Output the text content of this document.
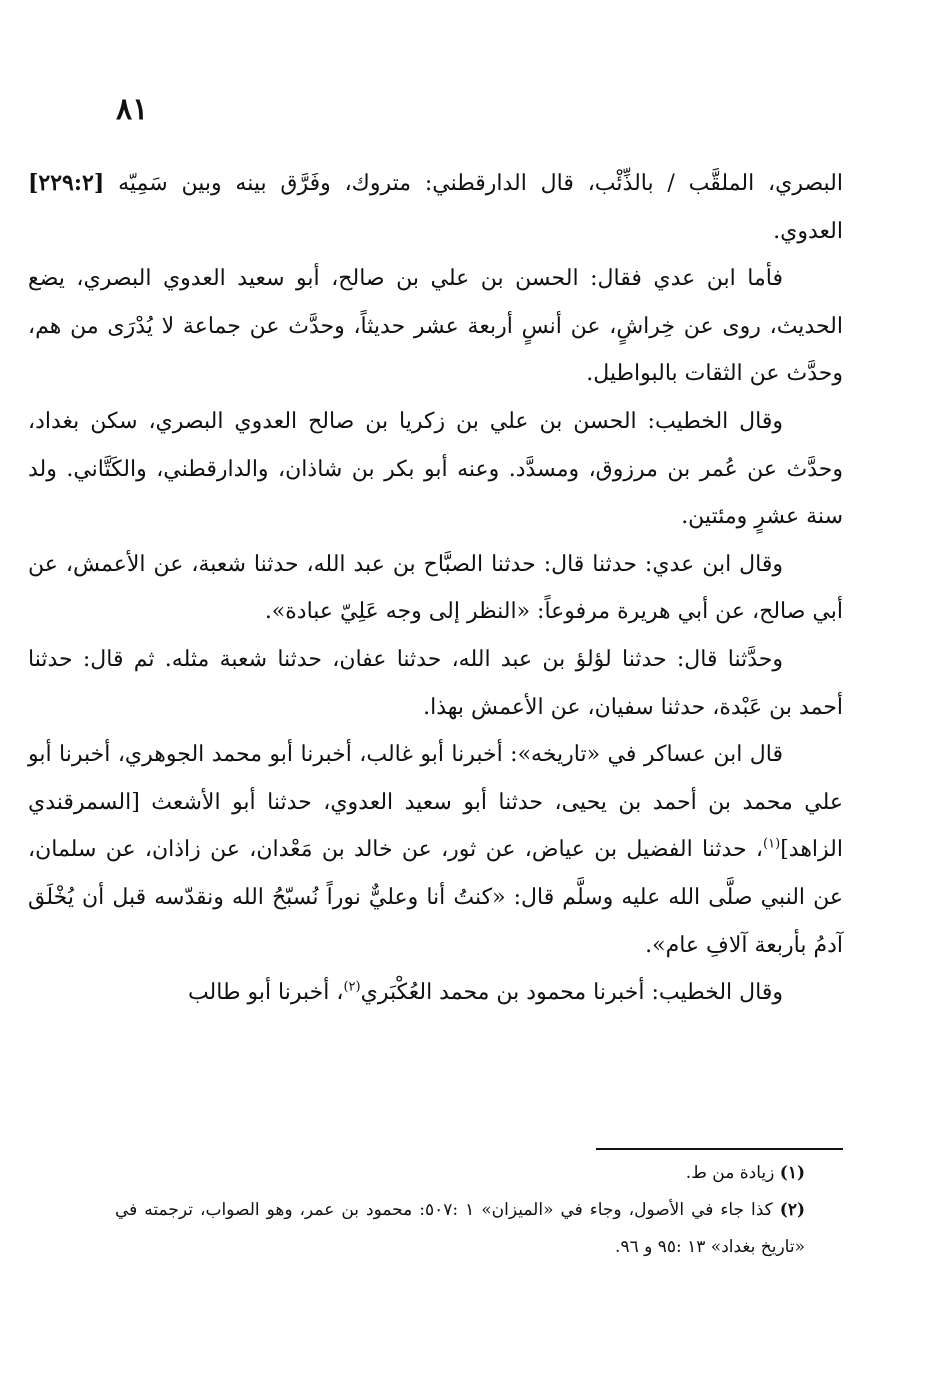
٨١

البصري، الملقَّب / بالذِّئْب، قال الدارقطني: متروك، وفَرَّق بينه وبين سَمِيّه [٢٢٩:٢] العدوي.

فأما ابن عدي فقال: الحسن بن علي بن صالح، أبو سعيد العدوي البصري، يضع الحديث، روى عن خِراشٍ، عن أنسٍ أربعة عشر حديثاً، وحدَّث عن جماعة لا يُدْرَى من هم، وحدَّث عن الثقات بالبواطيل.

وقال الخطيب: الحسن بن علي بن زكريا بن صالح العدوي البصري، سكن بغداد، وحدَّث عن عُمر بن مرزوق، ومسدَّد. وعنه أبو بكر بن شاذان، والدارقطني، والكَتَّاني. ولد سنة عشرٍ ومئتين.

وقال ابن عدي: حدثنا قال: حدثنا الصبَّاح بن عبد الله، حدثنا شعبة، عن الأعمش، عن أبي صالح، عن أبي هريرة مرفوعاً: «النظر إلى وجه عَلِيّ عبادة».

وحدَّثنا قال: حدثنا لؤلؤ بن عبد الله، حدثنا عفان، حدثنا شعبة مثله. ثم قال: حدثنا أحمد بن عَبْدة، حدثنا سفيان، عن الأعمش بهذا.

قال ابن عساكر في «تاريخه»: أخبرنا أبو غالب، أخبرنا أبو محمد الجوهري، أخبرنا أبو علي محمد بن أحمد بن يحيى، حدثنا أبو سعيد العدوي، حدثنا أبو الأشعث [السمرقندي الزاهد]$^{(١)}$، حدثنا الفضيل بن عياض، عن ثور، عن خالد بن مَعْدان، عن زاذان، عن سلمان، عن النبي صلَّى الله عليه وسلَّم قال: «كنتُ أنا وعليٌّ نوراً نُسبّحُ الله ونقدّسه قبل أن يُخْلَق آدمُ بأربعة آلافِ عام».

وقال الخطيب: أخبرنا محمود بن محمد العُكْبَري$^{(٢)}$، أخبرنا أبو طالب

(١) زيادة من ط.

(٢) كذا جاء في الأصول، وجاء في «الميزان» ١ :٥٠٧: محمود بن عمر، وهو الصواب، ترجمته في «تاريخ بغداد» ١٣ :٩٥ و ٩٦.
